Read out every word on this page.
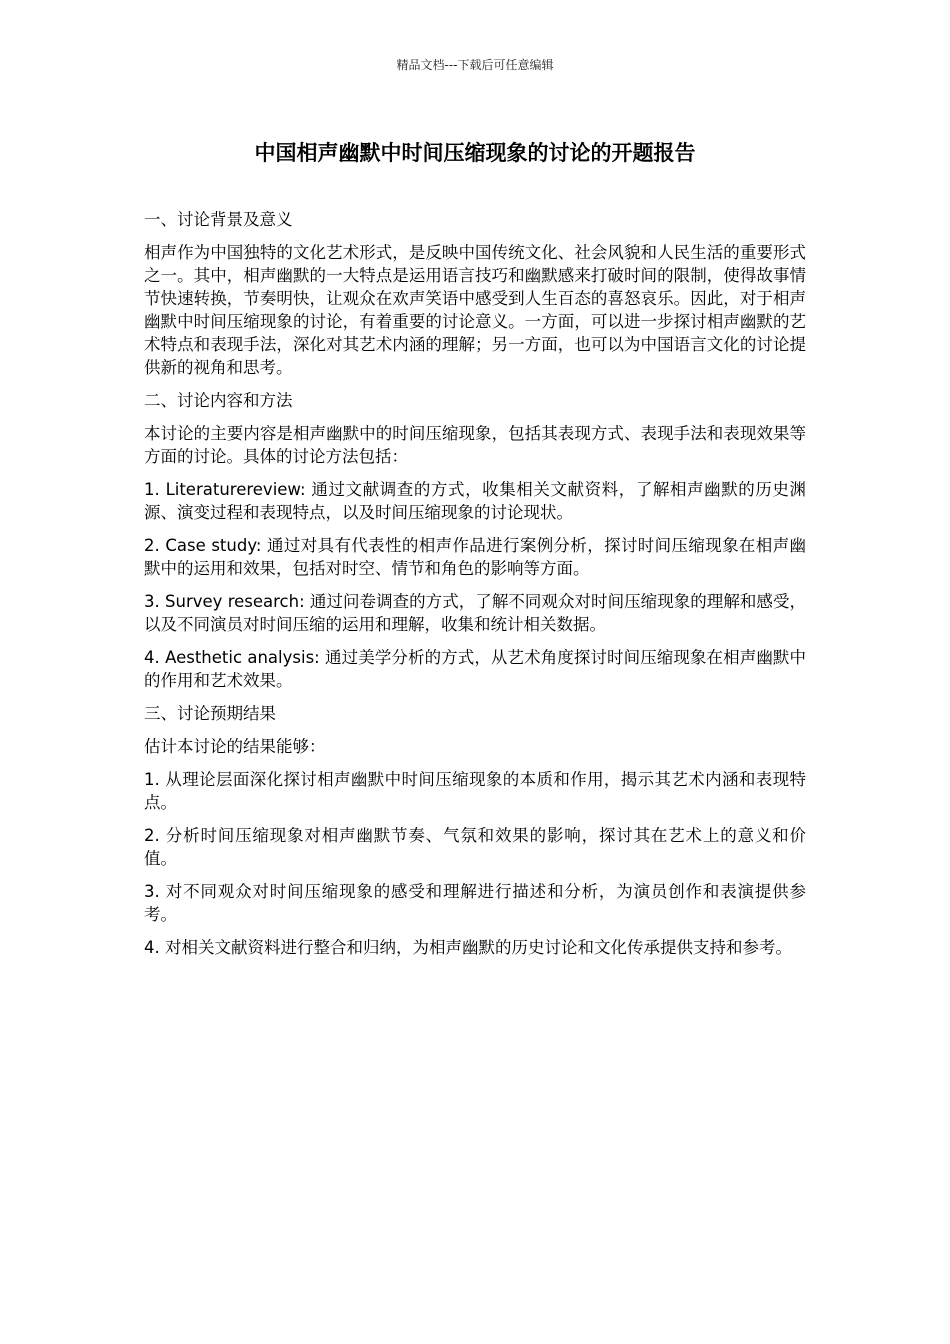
精品文档---下载后可任意编辑
中国相声幽默中时间压缩现象的讨论的开题报告

一、讨论背景及意义

相声作为中国独特的文化艺术形式，是反映中国传统文化、社会风貌和人民生活的重要形式之一。其中，相声幽默的一大特点是运用语言技巧和幽默感来打破时间的限制，使得故事情节快速转换，节奏明快，让观众在欢声笑语中感受到人生百态的喜怒哀乐。因此，对于相声幽默中时间压缩现象的讨论，有着重要的讨论意义。一方面，可以进一步探讨相声幽默的艺术特点和表现手法，深化对其艺术内涵的理解；另一方面，也可以为中国语言文化的讨论提供新的视角和思考。

二、讨论内容和方法

本讨论的主要内容是相声幽默中的时间压缩现象，包括其表现方式、表现手法和表现效果等方面的讨论。具体的讨论方法包括：

1. Literaturereview: 通过文献调查的方式，收集相关文献资料，了解相声幽默的历史渊源、演变过程和表现特点，以及时间压缩现象的讨论现状。

2. Case study: 通过对具有代表性的相声作品进行案例分析，探讨时间压缩现象在相声幽默中的运用和效果，包括对时空、情节和角色的影响等方面。

3. Survey research: 通过问卷调查的方式，了解不同观众对时间压缩现象的理解和感受，以及不同演员对时间压缩的运用和理解，收集和统计相关数据。

4. Aesthetic analysis: 通过美学分析的方式，从艺术角度探讨时间压缩现象在相声幽默中的作用和艺术效果。

三、讨论预期结果

估计本讨论的结果能够：

1. 从理论层面深化探讨相声幽默中时间压缩现象的本质和作用，揭示其艺术内涵和表现特点。

2. 分析时间压缩现象对相声幽默节奏、气氛和效果的影响，探讨其在艺术上的意义和价值。

3. 对不同观众对时间压缩现象的感受和理解进行描述和分析，为演员创作和表演提供参考。

4. 对相关文献资料进行整合和归纳，为相声幽默的历史讨论和文化传承提供支持和参考。
